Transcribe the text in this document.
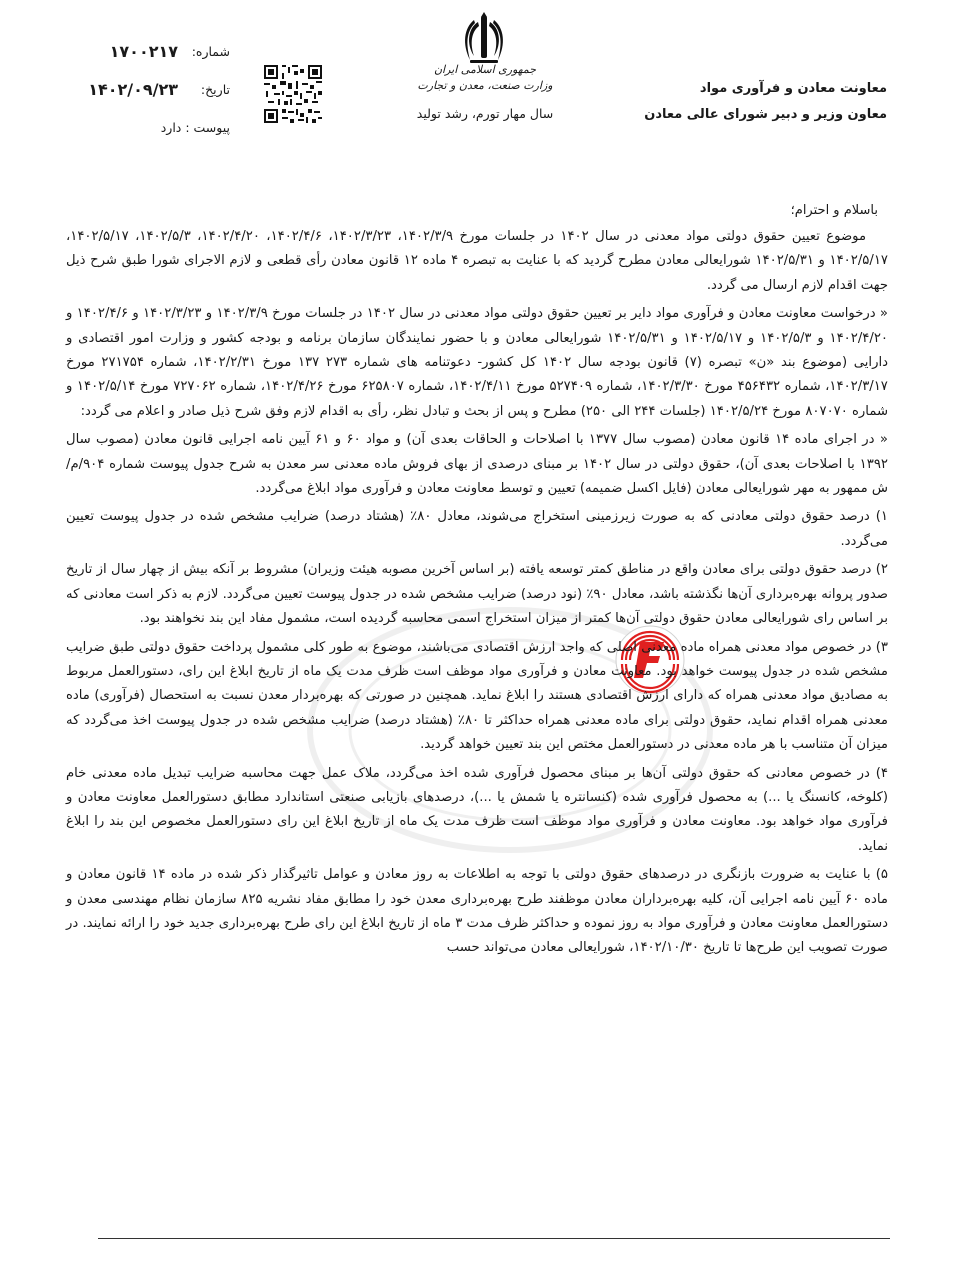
معاونت معادن و فرآوری مواد
معاون وزیر و دبیر شورای عالی معادن
جمهوری اسلامی ایران
وزارت صنعت، معدن و تجارت
سال مهار تورم، رشد تولید
شماره:
۱۷۰۰۲۱۷
تاریخ:
۱۴۰۲/۰۹/۲۳
پیوست : دارد
باسلام و احترام؛

موضوع تعیین حقوق دولتی مواد معدنی در سال ۱۴۰۲ در جلسات مورخ ۱۴۰۲/۳/۹، ۱۴۰۲/۳/۲۳، ۱۴۰۲/۴/۶، ۱۴۰۲/۴/۲۰، ۱۴۰۲/۵/۳، ۱۴۰۲/۵/۱۷، ۱۴۰۲/۵/۱۷ و ۱۴۰۲/۵/۳۱ شورایعالی معادن مطرح گردید که با عنایت به تبصره ۴ ماده ۱۲ قانون معادن رأی قطعی و لازم الاجرای شورا طبق شرح ذیل جهت اقدام لازم ارسال می گردد.

« درخواست معاونت معادن و فرآوری مواد دایر بر تعیین حقوق دولتی مواد معدنی در سال ۱۴۰۲ در جلسات مورخ ۱۴۰۲/۳/۹ و ۱۴۰۲/۳/۲۳ و ۱۴۰۲/۴/۶ و ۱۴۰۲/۴/۲۰ و ۱۴۰۲/۵/۳ و ۱۴۰۲/۵/۱۷ و ۱۴۰۲/۵/۳۱ شورایعالی معادن و با حضور نمایندگان سازمان برنامه و بودجه کشور و وزارت امور اقتصادی و دارایی (موضوع بند «ن» تبصره (۷) قانون بودجه سال ۱۴۰۲ کل کشور- دعوتنامه های شماره ۲۷۳ ۱۳۷ مورخ ۱۴۰۲/۲/۳۱، شماره ۲۷۱۷۵۴ مورخ ۱۴۰۲/۳/۱۷، شماره ۴۵۶۴۳۲ مورخ ۱۴۰۲/۳/۳۰، شماره ۵۲۷۴۰۹ مورخ ۱۴۰۲/۴/۱۱، شماره ۶۲۵۸۰۷ مورخ ۱۴۰۲/۴/۲۶، شماره ۷۲۷۰۶۲ مورخ ۱۴۰۲/۵/۱۴ و شماره ۸۰۷۰۷۰ مورخ ۱۴۰۲/۵/۲۴ (جلسات ۲۴۴ الی ۲۵۰) مطرح و پس از بحث و تبادل نظر، رأی به اقدام لازم وفق شرح ذیل صادر و اعلام می گردد:

« در اجرای ماده ۱۴ قانون معادن (مصوب سال ۱۳۷۷ با اصلاحات و الحاقات بعدی آن) و مواد ۶۰ و ۶۱ آیین نامه اجرایی قانون معادن (مصوب سال ۱۳۹۲ با اصلاحات بعدی آن)، حقوق دولتی در سال ۱۴۰۲ بر مبنای درصدی از بهای فروش ماده معدنی سر معدن به شرح جدول پیوست شماره ۹۰۴/م/ش ممهور به مهر شورایعالی معادن (فایل اکسل ضمیمه) تعیین و توسط معاونت معادن و فرآوری مواد ابلاغ می‌گردد.

۱) درصد حقوق دولتی معادنی که به صورت زیرزمینی استخراج می‌شوند، معادل ۸۰٪ (هشتاد درصد) ضرایب مشخص شده در جدول پیوست تعیین می‌گردد.

۲) درصد حقوق دولتی برای معادن واقع در مناطق کمتر توسعه یافته (بر اساس آخرین مصوبه هیئت وزیران) مشروط بر آنکه بیش از چهار سال از تاریخ صدور پروانه بهره‌برداری آن‌ها نگذشته باشد، معادل ۹۰٪ (نود درصد) ضرایب مشخص شده در جدول پیوست تعیین می‌گردد. لازم به ذکر است معادنی که بر اساس رای شورایعالی معادن حقوق دولتی آن‌ها کمتر از میزان استخراج اسمی محاسبه گردیده است، مشمول مفاد این بند نخواهند بود.

۳) در خصوص مواد معدنی همراه ماده معدنی اصلی که واجد ارزش اقتصادی می‌باشند، موضوع به طور کلی مشمول پرداخت حقوق دولتی طبق ضرایب مشخص شده در جدول پیوست خواهد بود. معاونت معادن و فرآوری مواد موظف است ظرف مدت یک ماه از تاریخ ابلاغ این رای، دستورالعمل مربوط به مصادیق مواد معدنی همراه که دارای ارزش اقتصادی هستند را ابلاغ نماید. همچنین در صورتی که بهره‌بردار معدن نسبت به استحصال (فرآوری) ماده معدنی همراه اقدام نماید، حقوق دولتی برای ماده معدنی همراه حداکثر تا ۸۰٪ (هشتاد درصد) ضرایب مشخص شده در جدول پیوست اخذ می‌گردد که میزان آن متناسب با هر ماده معدنی در دستورالعمل مختص این بند تعیین خواهد گردید.

۴) در خصوص معادنی که حقوق دولتی آن‌ها بر مبنای محصول فرآوری شده اخذ می‌گردد، ملاک عمل جهت محاسبه ضرایب تبدیل ماده معدنی خام (کلوخه، کانسنگ یا ...) به محصول فرآوری شده (کنسانتره یا شمش یا ...)، درصدهای بازیابی صنعتی استاندارد مطابق دستورالعمل معاونت معادن و فرآوری مواد خواهد بود. معاونت معادن و فرآوری مواد موظف است ظرف مدت یک ماه از تاریخ ابلاغ این رای دستورالعمل مخصوص این بند را ابلاغ نماید.

۵) با عنایت به ضرورت بازنگری در درصدهای حقوق دولتی با توجه به اطلاعات به روز معادن و عوامل تاثیرگذار ذکر شده در ماده ۱۴ قانون معادن و ماده ۶۰ آیین نامه اجرایی آن، کلیه بهره‌برداران معادن موظفند طرح بهره‌برداری معدن خود را مطابق مفاد نشریه ۸۲۵ سازمان نظام مهندسی معدن و دستورالعمل معاونت معادن و فرآوری مواد به روز نموده و حداکثر ظرف مدت ۳ ماه از تاریخ ابلاغ این رای طرح بهره‌برداری جدید خود را ارائه نمایند. در صورت تصویب این طرح‌ها تا تاریخ ۱۴۰۲/۱۰/۳۰، شورایعالی معادن می‌تواند حسب
